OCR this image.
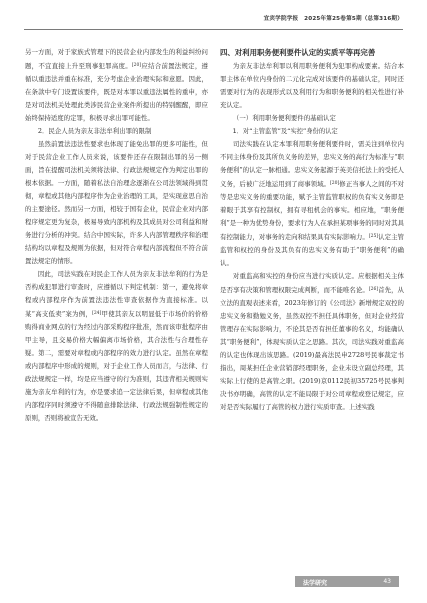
宜宾学院学报　2025年第25卷第5期（总第316期）

另一方面，对于家族式管理下的民营企业内部发生的利益纠纷问题，不宜直接上升至刑事犯罪高度。[20]应结合前置法规定，遵循以重违法并重在标准，充分考虑企业治理实际和意愿。因此，在条款中专门设置该要件，既是对本罪以重违法属性的重申，亦是对司法机关处理此类涉民营企业案件所提出的特别醒醒，即应始终保持适度的定罪，积极寻求出罪可能性。

2．民企人员为亲友非法牟利出罪的限制

虽然前置法违法性要求也体现了能免出罪的更多可能性，但对于民营企业工作人员来说，该要件还存在限制出罪的另一侧面，旨在提醒司法机关须将法律、行政法规规定作为判定出罪的根本依据。一方面，随着私法自治理念逐渐在公司法领域得到贯彻，章程或其他内部程序作为企业治理的工具，是实现意思自治的主要途径。然而另一方面，相较于国有企业，民营企业对内部程序规定更为复杂，极易导致内部机构及其成员对公司利益和财务进行分析的冲突。结合中国实际，许多人内部管理秩序和治理结构均以章程及规则为依据，但对符合章程内部流程但不符合前置法规定的情形。

因此，司法实践在对民企工作人员为亲友非法牟利的行为是否构成犯罪进行审查时，应遵循以下判定机制：第一，避免将章程或内部程序作为前置法违法性审查依据作为直接标准。以某“高支低卖”案为例，[24]甲使其亲友以明显低于市场价的价格购得商业网点的行为经过内部采购程序批准，然而该审批程序由甲主导，且交易价格大幅偏离市场价格，其合法性与合理性存疑。第二，需要对章程或内部程序的效力进行认定。虽然在章程或内部程序中形成的规则，对于企业工作人员而言，与法律、行政法规规定一样，均是应当遵守的行为准则，其违背相关规则实施为亲友牟利的行为，亦是要求追一定法律后果，但章程或其他内部程序同时须遵守不得随意排除法律、行政法规强制性规定的原则，否则将被宣告无效。

四、对利用职务便利要件认定的实质平等再完善

为亲友非法牟利罪以利用职务便利为犯罪构成要素。结合本罪主体在单位内身份的二元化完成对该要件的基础认定，同时还需要对行为的表现形式以及利用行为和职务便利的相关性进行补充认定。

（一）利用职务便利要件的基础认定
1．对“主管监管”及“实控”身份的认定

司法实践在认定本罪利用职务便利要件时，需关注到单位内不同主体身份及其所负义务的差异，忠实义务的高行为标准与“职务便利”的认定一脉相通。忠实义务起源于英美信托法上的受托人义务，后被广泛地运用到了商事领域。[20]修正当事人之间的不对等是忠实义务的重要功能，赋予主管监管职权的负有实义务即是着眼于其享有控制权，拥有寻租机会的事实。相应地，“职务便利”是一种为优势身份，要求行为人在承担某项事务的同时对其具有控制能力，对事务的走向和结果具有实际影响力。[25]认定主管监管和权控的身份及其负有的忠实义务有助于“职务便利”的确认。

对重监高和实控的身份应当进行实质认定。应根据相关主体是否享有决策和管理权限完成判断，而不能唯名论。[26]首先，从立法的直观表述来看，2023年修订的《公司法》新增规定双控的忠实义务和勤勉义务，虽然双控不担任具体职务，但对企业经营管理存在实际影响力，不论其是否有担任董事的名义，均能确认其“职务便利”，体现实质认定之思路。其次，司法实践对重监高的认定也体现出该思路。(2019)最高法民申2728号民事裁定书指出，周某担任企业营销部经理职务，企业未设立副总经理，其实际上行使的是高管之职。(2019)京0112民初35725号民事判决书亦明确，高管的认定不能局限于对公司章程或登记规定，应对是否实际履行了高管的权力进行实质审查。上述实践

法学研究	43
